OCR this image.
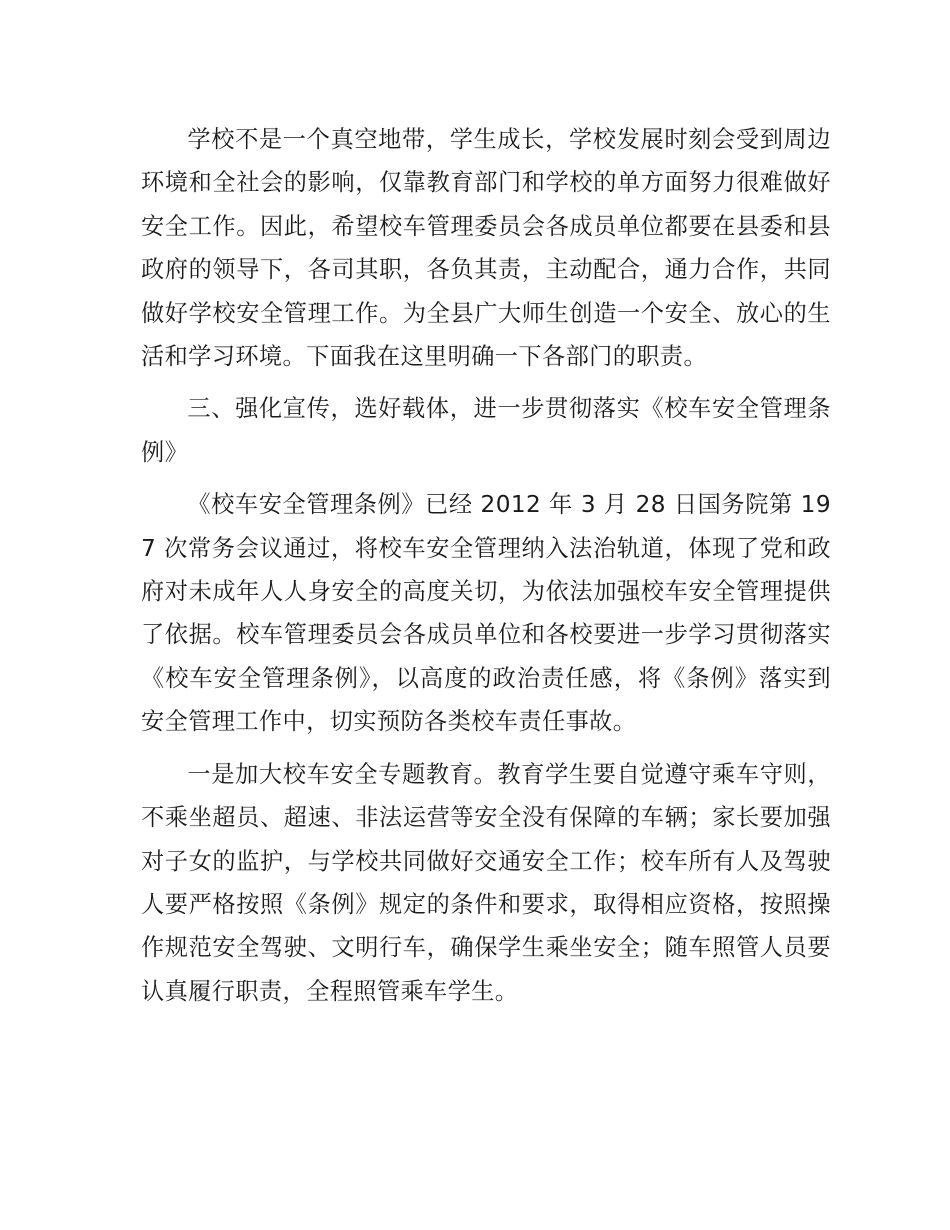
学校不是一个真空地带，学生成长，学校发展时刻会受到周边环境和全社会的影响，仅靠教育部门和学校的单方面努力很难做好安全工作。因此，希望校车管理委员会各成员单位都要在县委和县政府的领导下，各司其职，各负其责，主动配合，通力合作，共同做好学校安全管理工作。为全县广大师生创造一个安全、放心的生活和学习环境。下面我在这里明确一下各部门的职责。

三、强化宣传，选好载体，进一步贯彻落实《校车安全管理条例》

《校车安全管理条例》已经 2012 年 3 月 28 日国务院第 197 次常务会议通过，将校车安全管理纳入法治轨道，体现了党和政府对未成年人人身安全的高度关切，为依法加强校车安全管理提供了依据。校车管理委员会各成员单位和各校要进一步学习贯彻落实《校车安全管理条例》，以高度的政治责任感，将《条例》落实到安全管理工作中，切实预防各类校车责任事故。

一是加大校车安全专题教育。教育学生要自觉遵守乘车守则，不乘坐超员、超速、非法运营等安全没有保障的车辆；家长要加强对子女的监护，与学校共同做好交通安全工作；校车所有人及驾驶人要严格按照《条例》规定的条件和要求，取得相应资格，按照操作规范安全驾驶、文明行车，确保学生乘坐安全；随车照管人员要认真履行职责，全程照管乘车学生。
